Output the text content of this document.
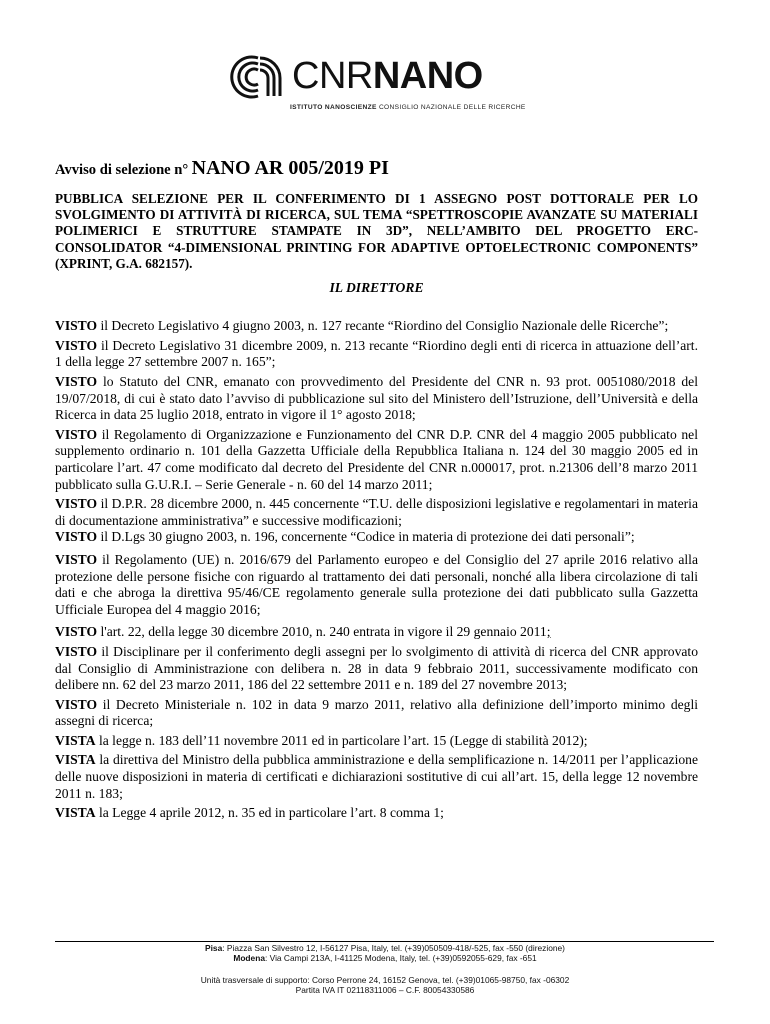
CNRNANO
ISTITUTO NANOSCIENZE CONSIGLIO NAZIONALE DELLE RICERCHE

Avviso di selezione n° NANO AR 005/2019 PI

PUBBLICA SELEZIONE PER IL CONFERIMENTO DI 1 ASSEGNO POST DOTTORALE PER LO SVOLGIMENTO DI ATTIVITÀ DI RICERCA, SUL TEMA “SPETTROSCOPIE AVANZATE SU MATERIALI POLIMERICI E STRUTTURE STAMPATE IN 3D”, NELL’AMBITO DEL PROGETTO ERC-CONSOLIDATOR “4-DIMENSIONAL PRINTING FOR ADAPTIVE OPTOELECTRONIC COMPONENTS” (XPRINT, G.A. 682157).

IL DIRETTORE

VISTO il Decreto Legislativo 4 giugno 2003, n. 127 recante “Riordino del Consiglio Nazionale delle Ricerche”;

VISTO il Decreto Legislativo 31 dicembre 2009, n. 213 recante “Riordino degli enti di ricerca in attuazione dell’art. 1 della legge 27 settembre 2007 n. 165”;

VISTO lo Statuto del CNR, emanato con provvedimento del Presidente del CNR n. 93 prot. 0051080/2018 del 19/07/2018, di cui è stato dato l’avviso di pubblicazione sul sito del Ministero dell’Istruzione, dell’Università e della Ricerca in data 25 luglio 2018, entrato in vigore il 1° agosto 2018;

VISTO il Regolamento di Organizzazione e Funzionamento del CNR D.P. CNR del 4 maggio 2005 pubblicato nel supplemento ordinario n. 101 della Gazzetta Ufficiale della Repubblica Italiana n. 124 del 30 maggio 2005 ed in particolare l’art. 47 come modificato dal decreto del Presidente del CNR n.000017, prot. n.21306 dell’8 marzo 2011 pubblicato sulla G.U.R.I. – Serie Generale - n. 60 del 14 marzo 2011;

VISTO il D.P.R. 28 dicembre 2000, n. 445 concernente “T.U. delle disposizioni legislative e regolamentari in materia di documentazione amministrativa” e successive modificazioni;

VISTO il D.Lgs 30 giugno 2003, n. 196, concernente “Codice in materia di protezione dei dati personali”;

VISTO il Regolamento (UE) n. 2016/679 del Parlamento europeo e del Consiglio del 27 aprile 2016 relativo alla protezione delle persone fisiche con riguardo al trattamento dei dati personali, nonché alla libera circolazione di tali dati e che abroga la direttiva 95/46/CE regolamento generale sulla protezione dei dati pubblicato sulla Gazzetta Ufficiale Europea del 4 maggio 2016;

VISTO l'art. 22, della legge 30 dicembre 2010, n. 240 entrata in vigore il 29 gennaio 2011;

VISTO il Disciplinare per il conferimento degli assegni per lo svolgimento di attività di ricerca del CNR approvato dal Consiglio di Amministrazione con delibera n. 28 in data 9 febbraio 2011, successivamente modificato con delibere nn. 62 del 23 marzo 2011, 186 del 22 settembre 2011 e n. 189 del 27 novembre 2013;

VISTO il Decreto Ministeriale n. 102 in data 9 marzo 2011, relativo alla definizione dell’importo minimo degli assegni di ricerca;

VISTA la legge n. 183 dell’11 novembre 2011 ed in particolare l’art. 15 (Legge di stabilità 2012);

VISTA la direttiva del Ministro della pubblica amministrazione e della semplificazione n. 14/2011 per l’applicazione delle nuove disposizioni in materia di certificati e dichiarazioni sostitutive di cui all’art. 15, della legge 12 novembre 2011 n. 183;

VISTA la Legge 4 aprile 2012, n. 35 ed in particolare l’art. 8 comma 1;

Pisa: Piazza San Silvestro 12, I-56127 Pisa, Italy, tel. (+39)050509-418/-525, fax -550 (direzione)
Modena: Via Campi 213A, I-41125 Modena, Italy, tel. (+39)0592055-629, fax -651
Unità trasversale di supporto: Corso Perrone 24, 16152 Genova, tel. (+39)01065-98750, fax -06302
Partita IVA IT 02118311006 – C.F. 80054330586
